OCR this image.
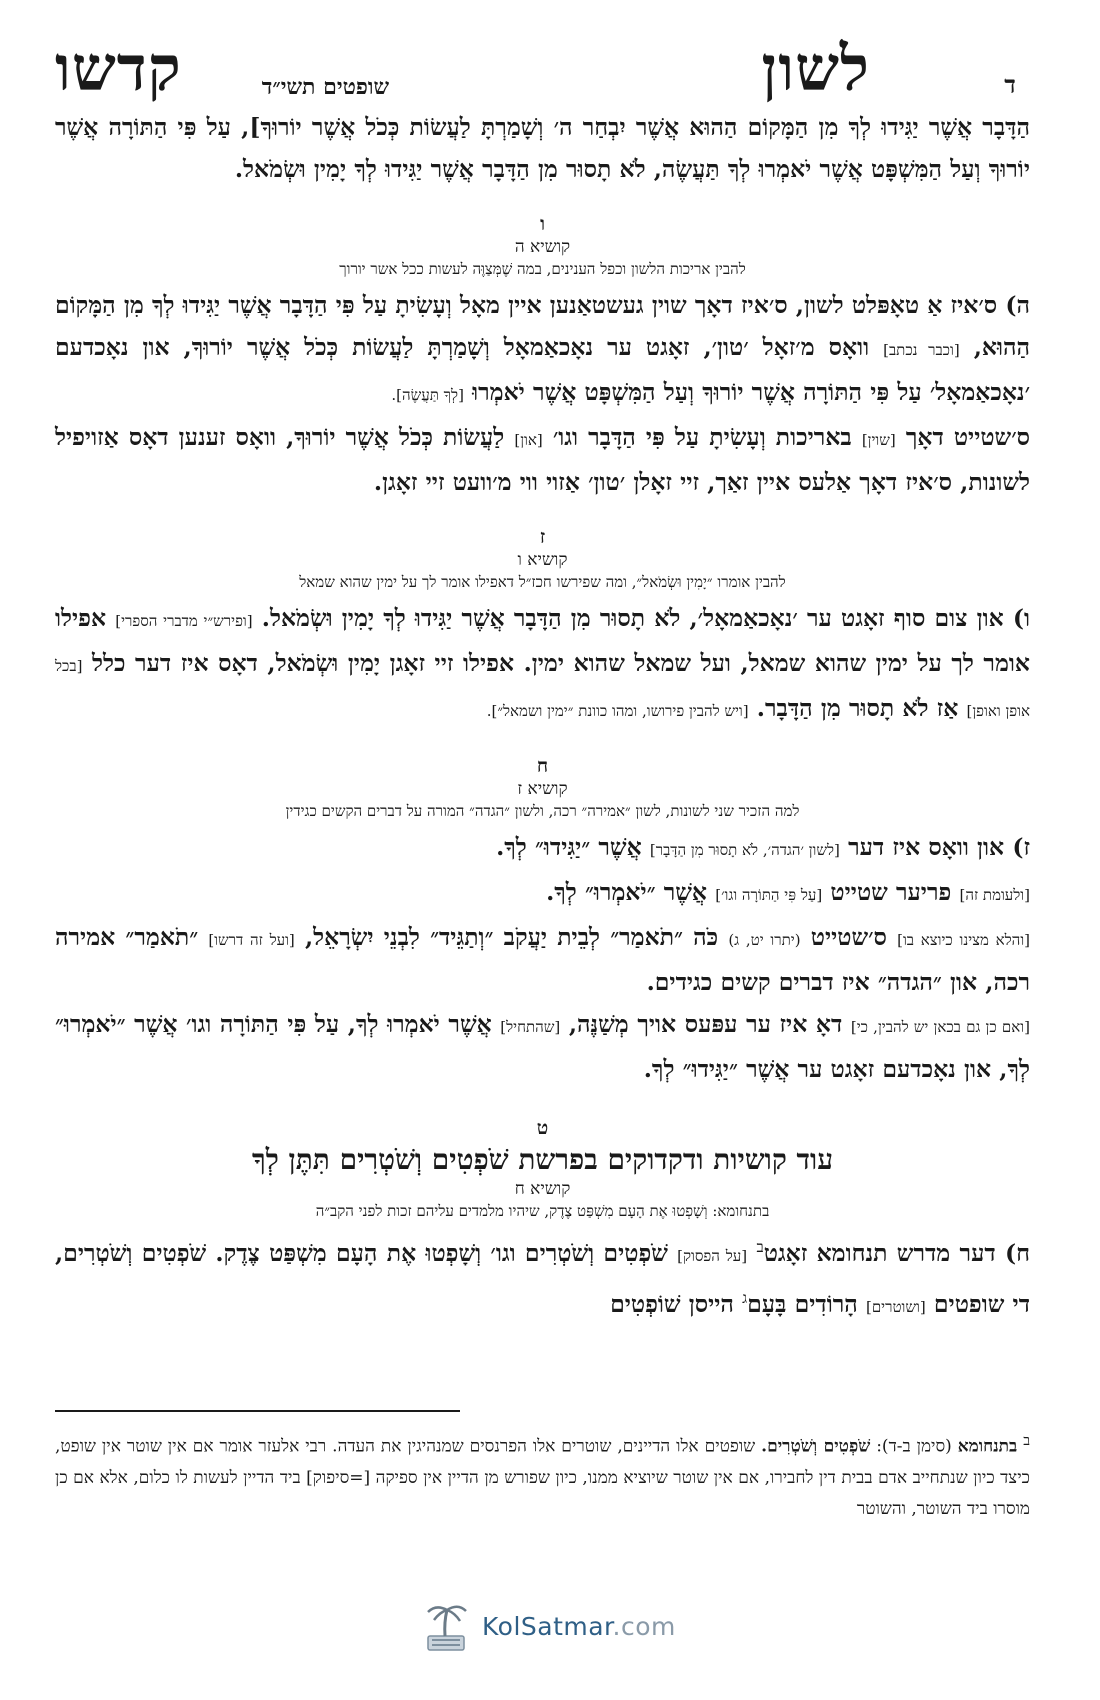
ד
לשון
שופטים תשי״ד
קדשו

הַדָּבָר אֲשֶׁר יַגִּידוּ לְךָ מִן הַמָּקוֹם הַהוּא אֲשֶׁר יִבְחַר ה׳ וְשָׁמַרְתָּ לַעֲשׂוֹת כְּכֹל אֲשֶׁר יוֹרוּךָ], עַל פִּי הַתּוֹרָה אֲשֶׁר יוֹרוּךָ וְעַל הַמִּשְׁפָּט אֲשֶׁר יֹאמְרוּ לְךָ תַּעֲשֶׂה, לֹא תָסוּר מִן הַדָּבָר אֲשֶׁר יַגִּידוּ לְךָ יָמִין וּשְׂמֹאל.

ו
קושיא ה
להבין אריכות הלשון וכפל הענינים, במה שֶׁמְּצַוֶּה לעשות ככל אשר יורוך

ה) ס׳איז אַ טאָפּלט לשון, ס׳איז דאָך שוין געשטאַנען איין מאָל וְעָשִׂיתָ עַל פִּי הַדָּבָר אֲשֶׁר יַגִּידוּ לְךָ מִן הַמָּקוֹם הַהוּא, [וכבר נכתב] וואָס מ׳זאָל ׳טון׳, זאָגט ער נאָכאַמאָל וְשָׁמַרְתָּ לַעֲשׂוֹת כְּכֹל אֲשֶׁר יוֹרוּךָ, און נאָכדעם ׳נאָכאַמאָל׳ עַל פִּי הַתּוֹרָה אֲשֶׁר יוֹרוּךָ וְעַל הַמִּשְׁפָּט אֲשֶׁר יֹאמְרוּ [לְךָ תַּעֲשֶׂה].

ס׳שטייט דאָך [שוין] באריכות וְעָשִׂיתָ עַל פִּי הַדָּבָר וגו׳ [און] לַעֲשׂוֹת כְּכֹל אֲשֶׁר יוֹרוּךָ, וואָס זענען דאָס אַזויפיל לשונות, ס׳איז דאָך אַלעס איין זאַך, זיי זאָלן ׳טון׳ אַזוי ווי מ׳וועט זיי זאָגן.

ז
קושיא ו
להבין אומרו ״יָמִין וּשְׂמֹאל״, ומה שפירשו חכז״ל דאפילו אומר לך על ימין שהוא שמאל

ו) און צום סוף זאָגט ער ׳נאָכאַמאָל׳, לֹא תָסוּר מִן הַדָּבָר אֲשֶׁר יַגִּידוּ לְךָ יָמִין וּשְׂמֹאל. [ופירש״י מדברי הספרי] אפילו אומר לך על ימין שהוא שמאל, ועל שמאל שהוא ימין. אפילו זיי זאָגן יָמִין וּשְׂמֹאל, דאָס איז דער כלל [בכל אופן ואופן] אַז לֹא תָסוּר מִן הַדָּבָר. [ויש להבין פירושו, ומהו כוונת ״ימין ושמאל״].

ח
קושיא ז
למה הזכיר שני לשונות, לשון ״אמירה״ רכה, ולשון ״הגדה״ המורה על דברים הקשים כגידין

ז) און וואָס איז דער [לשון ׳הגדה׳, לֹא תָסוּר מִן הַדָּבָר] אֲשֶׁר ״יַגִּידוּ״ לְךָ.

[ולעומת זה] פריער שטייט [עַל פִּי הַתּוֹרָה וגו׳] אֲשֶׁר ״יֹאמְרוּ״ לְךָ.

[והלא מצינו כיוצא בו] ס׳שטייט (יתרו יט, ג) כֹּה ״תֹאמַר״ לְבֵית יַעֲקֹב ״וְתַגֵּיד״ לִבְנֵי יִשְׂרָאֵל, [ועל זה דרשו] ״תֹאמַר״ אמירה רכה, און ״הגדה״ איז דברים קשים כגידים.

[ואם כן גם בכאן יש להבין, כי] דאָ איז ער עפּעס אויך מְשַׁנֶּה, [שהתחיל] אֲשֶׁר יֹאמְרוּ לְךָ, עַל פִּי הַתּוֹרָה וגו׳ אֲשֶׁר ״יֹאמְרוּ״ לְךָ, און נאָכדעם זאָגט ער אֲשֶׁר ״יַגִּידוּ״ לְךָ.

ט
עוד קושיות ודקדוקים בפרשת שֹׁפְטִים וְשֹׁטְרִים תִּתֶּן לְךָ
קושיא ח
בתנחומא: וְשָׁפְטוּ אֶת הָעָם מִשְׁפַּט צֶדֶק, שיהיו מלמדים עליהם זכות לפני הקב״ה

ח) דער מדרש תנחומא זאָגט$^ב$ [על הפסוק] שֹׁפְטִים וְשֹׁטְרִים וגו׳ וְשָׁפְטוּ אֶת הָעָם מִשְׁפַּט צֶדֶק. שֹׁפְטִים וְשֹׁטְרִים, די שופטים [ושוטרים] הָרוֹדִים בָּעָם$^ג$ הייסן שׁוֹפְטִים

$^ב$ בתנחומא (סימן ב-ד): שֹׁפְטִים וְשֹׁטְרִים. שופטים אלו הדיינים, שוטרים אלו הפרנסים שמנהיגין את העדה. רבי אלעזר אומר אם אין שוטר אין שופט, כיצד כיון שנתחייב אדם בבית דין לחבירו, אם אין שוטר שיוציא ממנו, כיון שפורש מן הדיין אין ספיקה [=סיפוק] ביד הדיין לעשות לו כלום, אלא אם כן מוסרו ביד השוטר, והשוטר
KolSatmar.com
